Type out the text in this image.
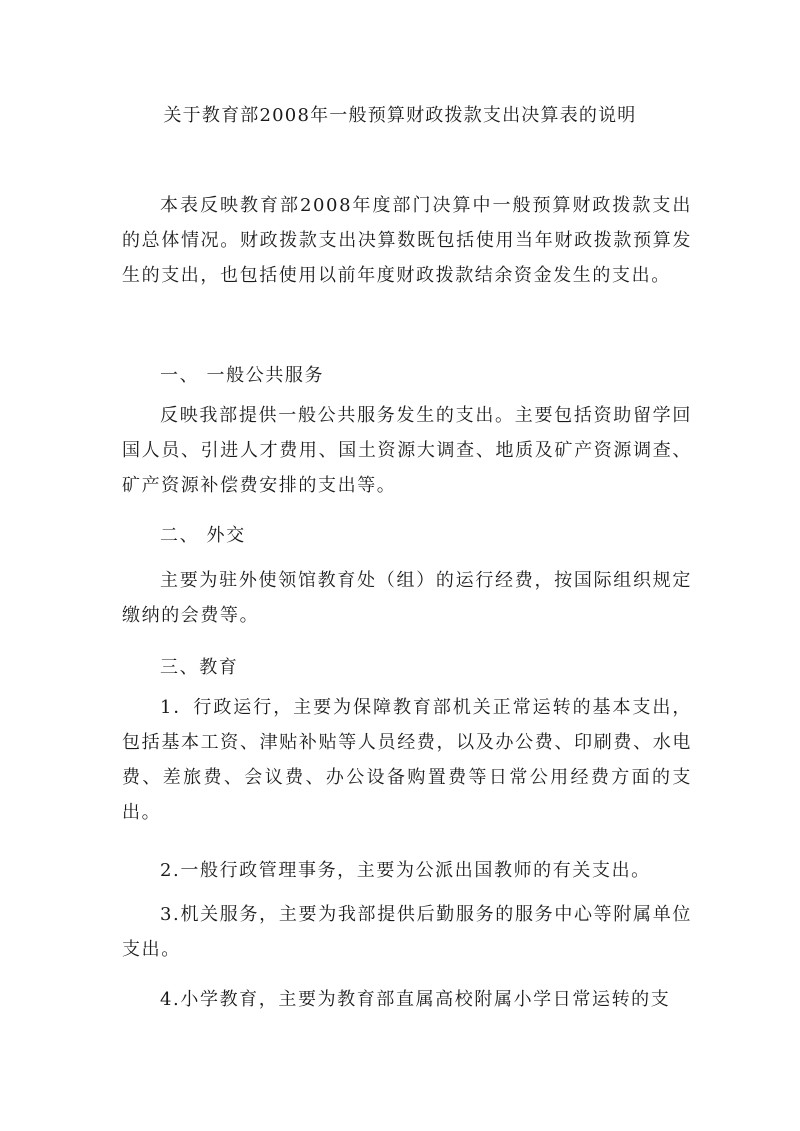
关于教育部2008年一般预算财政拨款支出决算表的说明

本表反映教育部2008年度部门决算中一般预算财政拨款支出的总体情况。财政拨款支出决算数既包括使用当年财政拨款预算发生的支出，也包括使用以前年度财政拨款结余资金发生的支出。

一、 一般公共服务

反映我部提供一般公共服务发生的支出。主要包括资助留学回国人员、引进人才费用、国土资源大调查、地质及矿产资源调查、矿产资源补偿费安排的支出等。

二、 外交

主要为驻外使领馆教育处（组）的运行经费，按国际组织规定缴纳的会费等。

三、教育

1．行政运行，主要为保障教育部机关正常运转的基本支出，包括基本工资、津贴补贴等人员经费，以及办公费、印刷费、水电费、差旅费、会议费、办公设备购置费等日常公用经费方面的支出。

2.一般行政管理事务，主要为公派出国教师的有关支出。

3.机关服务，主要为我部提供后勤服务的服务中心等附属单位支出。

4.小学教育，主要为教育部直属高校附属小学日常运转的支
